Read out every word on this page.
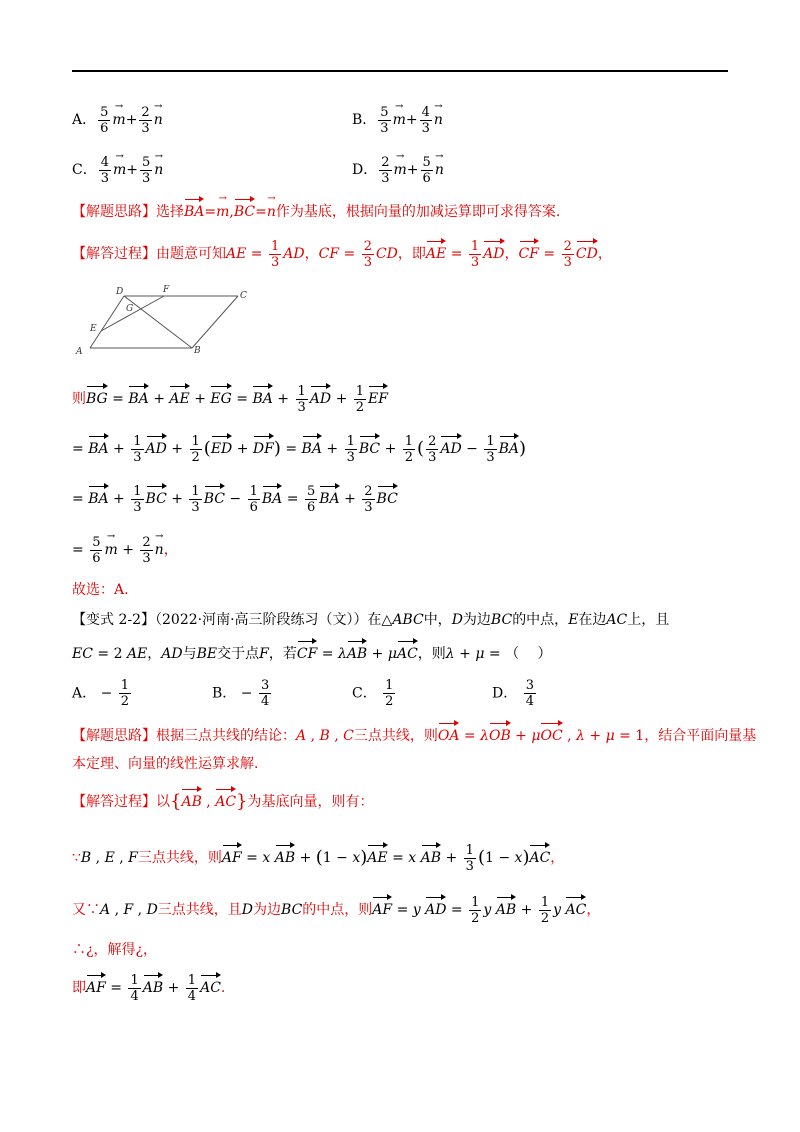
A． $\frac{5}{6}$
→ $m+ \frac{2}{3}$
→ n	B． $\frac{5}{3}$
→ $m+ \frac{4}{3}$
→ n
C． $\frac{4}{3}$
→ $m+ \frac{5}{3}$
→ n	D． $\frac{2}{3}$
→ $m+ \frac{5}{6}$
→ n
【解题思路】选择BA=→ m,BC=→ n作为基底，根据向量的加减运算即可求得答案.
【解答过程】由题意可知AE = $\frac{1}{3}$ AD，CF = $\frac{2}{3}$ CD，即AE = $\frac{1}{3}$ AD，CF = $\frac{2}{3}$ CD，
D	F
C
G
E
A	B
则BG = BA + AE + EG = BA + $\frac{1}{3}$ AD + $\frac{1}{2}$ EF
= BA + $\frac{1}{3}$ AD + $\frac{1}{2} (ED + DF)$ = BA + $\frac{1}{3}$ BC + $\frac{1}{2}$ ( $\frac{2}{3}$ AD − $\frac{1}{3} BA$)
= BA + $\frac{1}{3}$ BC + $\frac{1}{3}$ BC − $\frac{1}{6}$ BA = $\frac{5}{6}$ BA + $\frac{2}{3}$ BC
= $\frac{5}{6}$
→ $m + \frac{2}{3}$
→ n，
故选：A.
【变式 2-2】（2022·河南·高三阶段练习（文））在△ABC中，D为边BC的中点，E在边AC上，且
EC = 2 AE，AD与BE交于点F，若CF = λAB + μAC，则λ + μ = （　 ）
A． − $\frac{1}{2}$	B． − $\frac{3}{4}$	C． $\frac{1}{2}$	D． $\frac{3}{4}$
【解题思路】根据三点共线的结论：A , B , C三点共线，则OA = λOB + μOC , λ + μ = 1，结合平面向量基
本定理、向量的线性运算求解.
【解答过程】以{AB , AC}为基底向量，则有：
∵B , E , F三点共线，则AF = x AB + (1 − x)AE = x AB + $\frac{1}{3} (1 - x)AC$，
又∵A , F , D三点共线，且D为边BC的中点，则AF = y AD = $\frac{1}{2}$ y AB + $\frac{1}{2}$ y AC，
∴¿，解得¿，
即AF = $\frac{1}{4}$ AB + $\frac{1}{4}$ AC.
